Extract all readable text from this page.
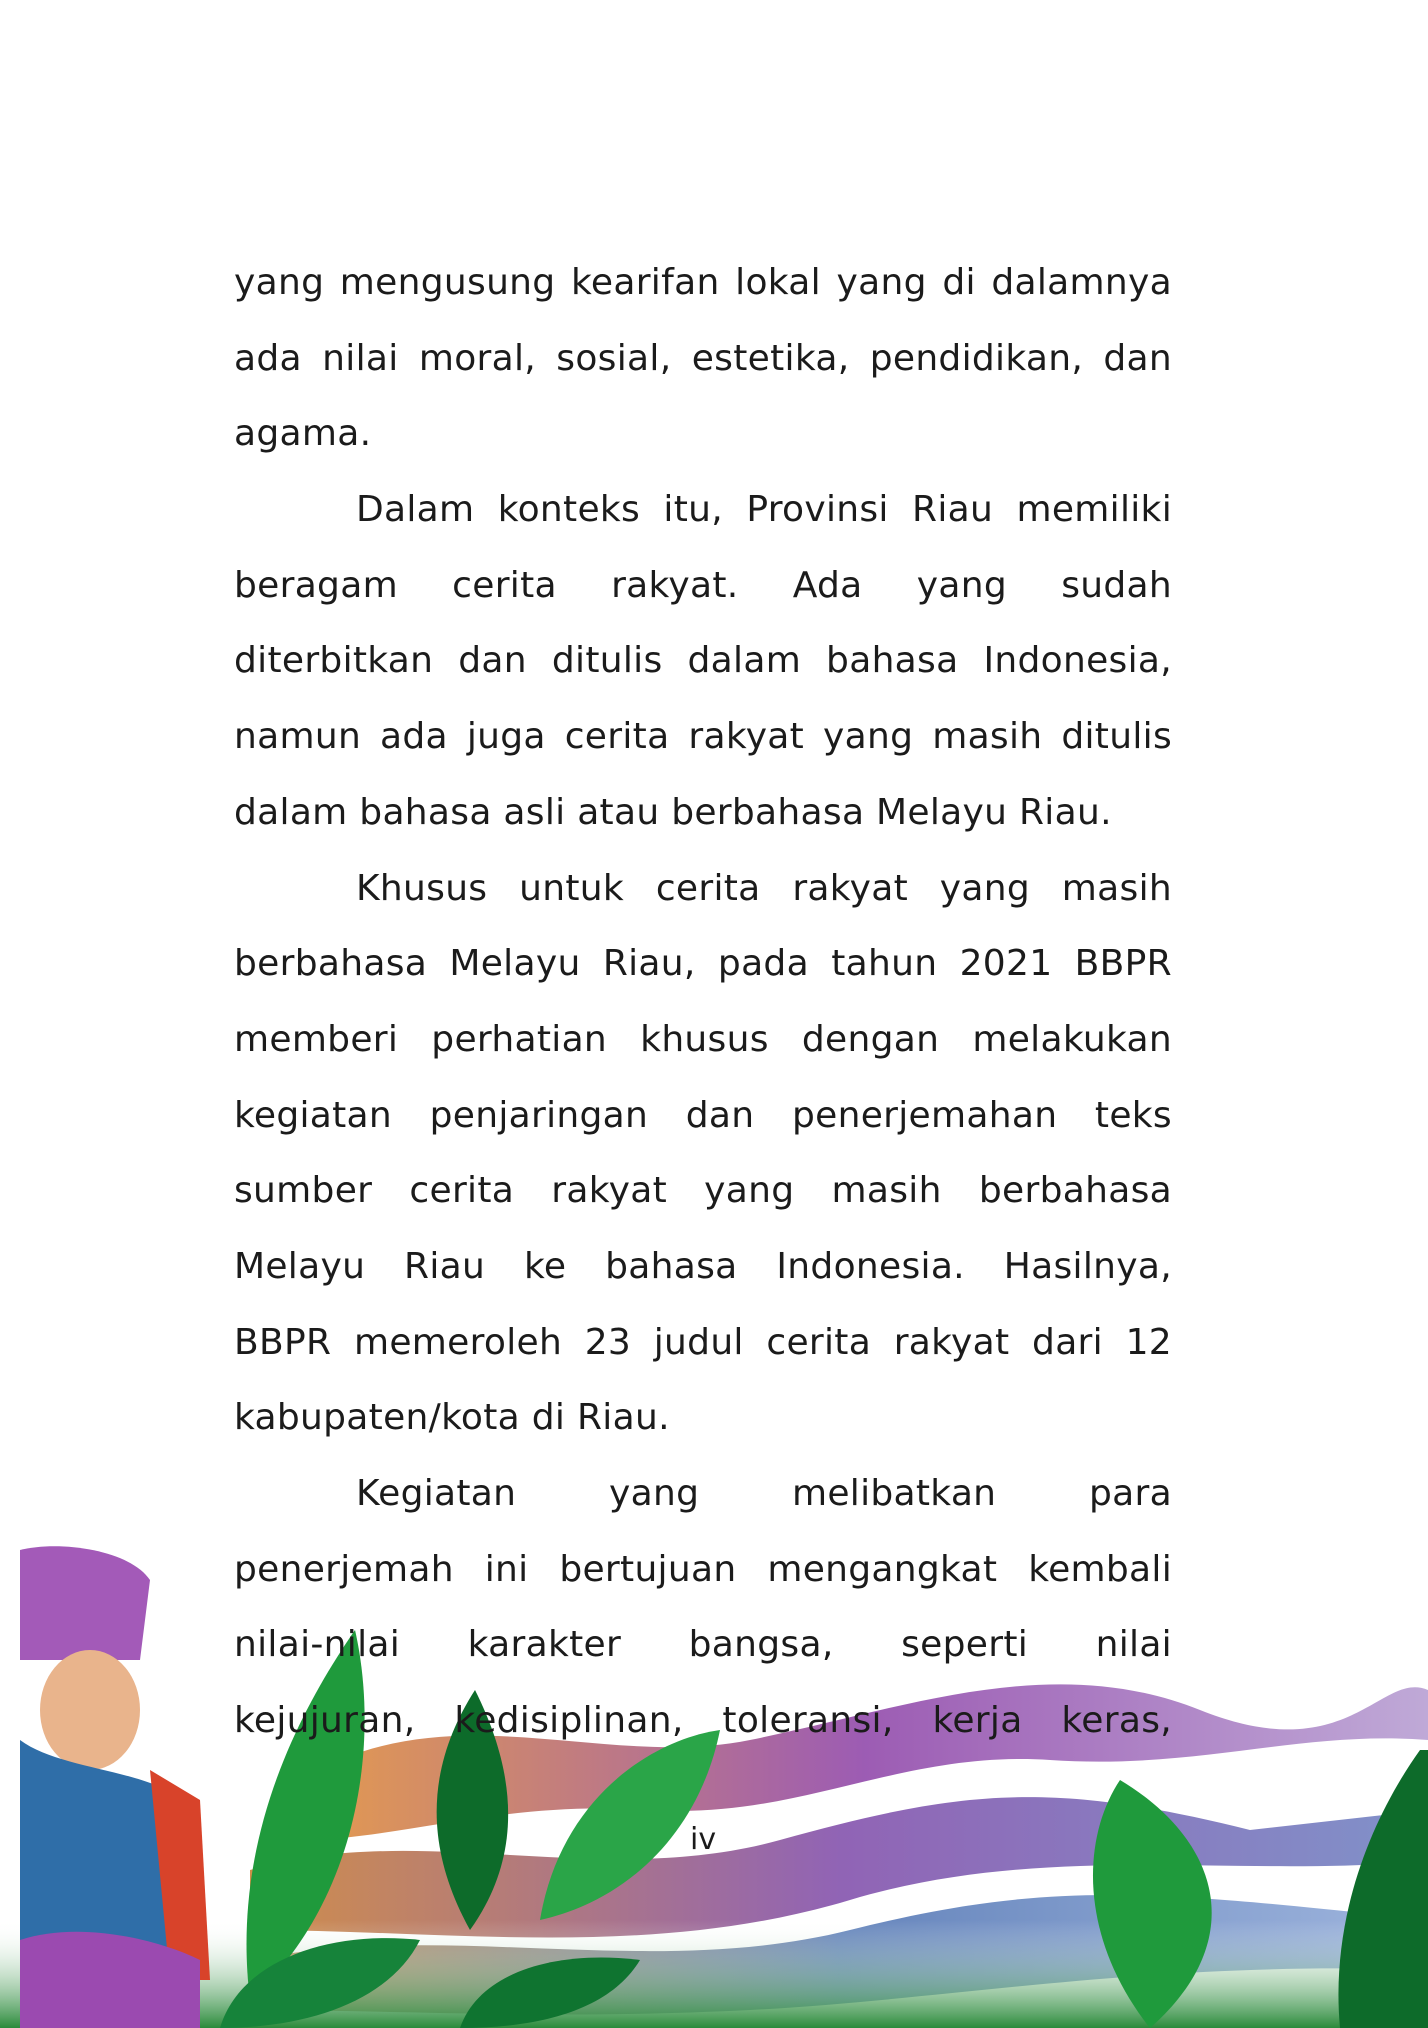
yang mengusung kearifan lokal yang di dalamnya
ada nilai moral, sosial, estetika, pendidikan, dan
agama.
Dalam konteks itu, Provinsi Riau memiliki
beragam cerita rakyat. Ada yang sudah
diterbitkan dan ditulis dalam bahasa Indonesia,
namun ada juga cerita rakyat yang masih ditulis
dalam bahasa asli atau berbahasa Melayu Riau.
Khusus untuk cerita rakyat yang masih
berbahasa Melayu Riau, pada tahun 2021 BBPR
memberi perhatian khusus dengan melakukan
kegiatan penjaringan dan penerjemahan teks
sumber cerita rakyat yang masih berbahasa
Melayu Riau ke bahasa Indonesia. Hasilnya,
BBPR memeroleh 23 judul cerita rakyat dari 12
kabupaten/kota di Riau.
Kegiatan yang melibatkan para
penerjemah ini bertujuan mengangkat kembali
nilai-nilai karakter bangsa, seperti nilai
kejujuran, kedisiplinan, toleransi, kerja keras,
iv
